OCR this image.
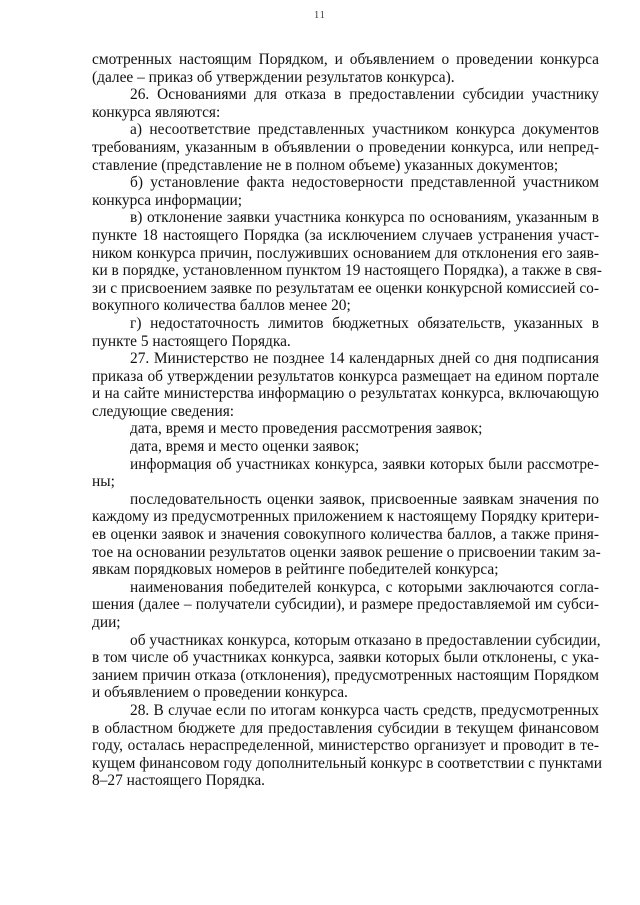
11
смотренных настоящим Порядком, и объявлением о проведении конкурса
(далее – приказ об утверждении результатов конкурса).
26. Основаниями для отказа в предоставлении субсидии участнику
конкурса являются:
а) несоответствие представленных участником конкурса документов
требованиям, указанным в объявлении о проведении конкурса, или непред-
ставление (представление не в полном объеме) указанных документов;
б) установление факта недостоверности представленной участником
конкурса информации;
в) отклонение заявки участника конкурса по основаниям, указанным в
пункте 18 настоящего Порядка (за исключением случаев устранения участ-
ником конкурса причин, послуживших основанием для отклонения его заяв-
ки в порядке, установленном пунктом 19 настоящего Порядка), а также в свя-
зи с присвоением заявке по результатам ее оценки конкурсной комиссией со-
вокупного количества баллов менее 20;
г) недостаточность лимитов бюджетных обязательств, указанных в
пункте 5 настоящего Порядка.
27. Министерство не позднее 14 календарных дней со дня подписания
приказа об утверждении результатов конкурса размещает на едином портале
и на сайте министерства информацию о результатах конкурса, включающую
следующие сведения:
дата, время и место проведения рассмотрения заявок;
дата, время и место оценки заявок;
информация об участниках конкурса, заявки которых были рассмотре-
ны;
последовательность оценки заявок, присвоенные заявкам значения по
каждому из предусмотренных приложением к настоящему Порядку критери-
ев оценки заявок и значения совокупного количества баллов, а также приня-
тое на основании результатов оценки заявок решение о присвоении таким за-
явкам порядковых номеров в рейтинге победителей конкурса;
наименования победителей конкурса, с которыми заключаются согла-
шения (далее – получатели субсидии), и размере предоставляемой им субси-
дии;
об участниках конкурса, которым отказано в предоставлении субсидии,
в том числе об участниках конкурса, заявки которых были отклонены, с ука-
занием причин отказа (отклонения), предусмотренных настоящим Порядком
и объявлением о проведении конкурса.
28. В случае если по итогам конкурса часть средств, предусмотренных
в областном бюджете для предоставления субсидии в текущем финансовом
году, осталась нераспределенной, министерство организует и проводит в те-
кущем финансовом году дополнительный конкурс в соответствии с пунктами
8–27 настоящего Порядка.
